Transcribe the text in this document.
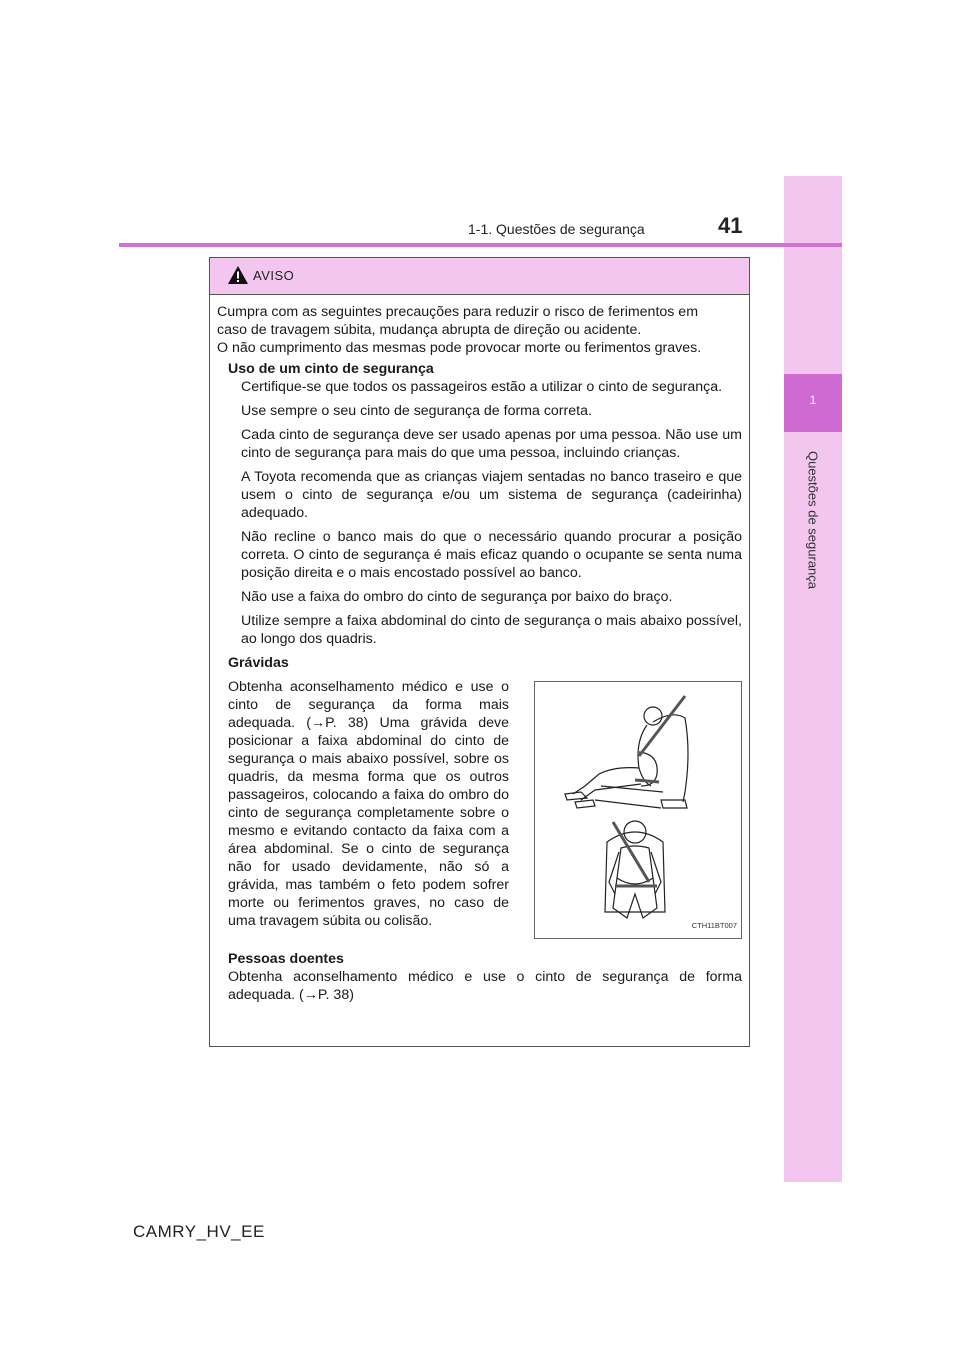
1
Questões de segurança
1-1. Questões de segurança	41
AVISO

Cumpra com as seguintes precauções para reduzir o risco de ferimentos em

caso de travagem súbita, mudança abrupta de direção ou acidente.

O não cumprimento das mesmas pode provocar morte ou ferimentos graves.

Uso de um cinto de segurança

Certifique-se que todos os passageiros estão a utilizar o cinto de segurança.

Use sempre o seu cinto de segurança de forma correta.

Cada cinto de segurança deve ser usado apenas por uma pessoa. Não use um cinto de segurança para mais do que uma pessoa, incluindo crianças.

A Toyota recomenda que as crianças viajem sentadas no banco traseiro e que usem o cinto de segurança e/ou um sistema de segurança (cadeirinha) adequado.

Não recline o banco mais do que o necessário quando procurar a posição correta. O cinto de segurança é mais eficaz quando o ocupante se senta numa posição direita e o mais encostado possível ao banco.

Não use a faixa do ombro do cinto de segurança por baixo do braço.

Utilize sempre a faixa abdominal do cinto de segurança o mais abaixo possível, ao longo dos quadris.

Grávidas

Obtenha aconselhamento médico e use o cinto de segurança da forma mais adequada. (→P. 38) Uma grávida deve posicionar a faixa abdominal do cinto de segurança o mais abaixo possível, sobre os quadris, da mesma forma que os outros passageiros, colocando a faixa do ombro do cinto de segurança completamente sobre o mesmo e evitando contacto da faixa com a área abdominal. Se o cinto de segurança não for usado devidamente, não só a grávida, mas também o feto podem sofrer morte ou ferimentos graves, no caso de uma travagem súbita ou colisão.	CTH11BT007
Pessoas doentes

Obtenha aconselhamento médico e use o cinto de segurança de forma adequada. (→P. 38)

CAMRY_HV_EE
